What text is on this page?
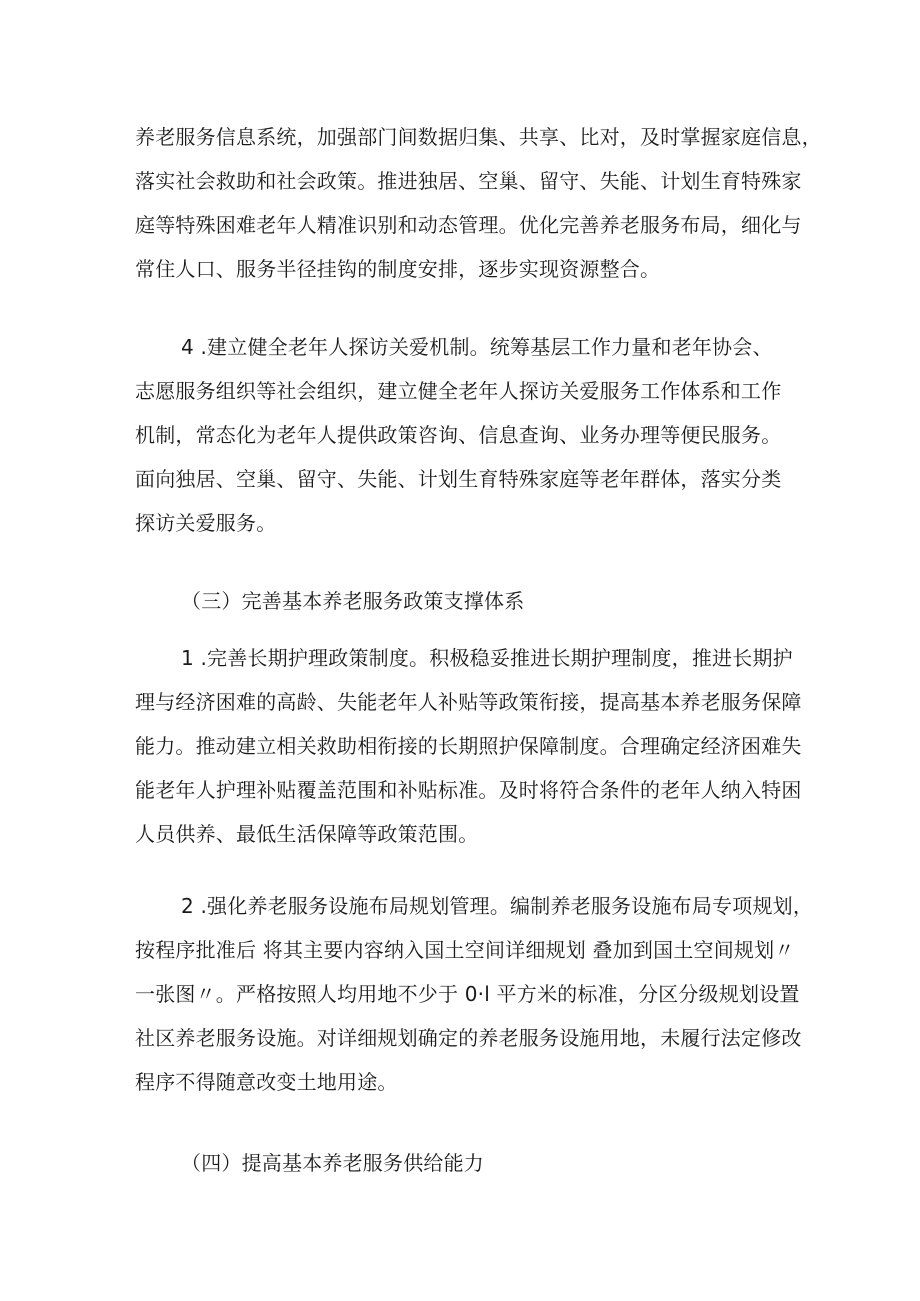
养老服务信息系统，加强部门间数据归集、共享、比对，及时掌握家庭信息，
落实社会救助和社会政策。推进独居、空巢、留守、失能、计划生育特殊家
庭等特殊困难老年人精准识别和动态管理。优化完善养老服务布局，细化与
常住人口、服务半径挂钩的制度安排，逐步实现资源整合。
4 .建立健全老年人探访关爱机制。统筹基层工作力量和老年协会、
志愿服务组织等社会组织，建立健全老年人探访关爱服务工作体系和工作
机制，常态化为老年人提供政策咨询、信息查询、业务办理等便民服务。
面向独居、空巢、留守、失能、计划生育特殊家庭等老年群体，落实分类
探访关爱服务。
（三）完善基本养老服务政策支撑体系
1 .完善长期护理政策制度。积极稳妥推进长期护理制度，推进长期护
理与经济困难的高龄、失能老年人补贴等政策衔接，提高基本养老服务保障
能力。推动建立相关救助相衔接的长期照护保障制度。合理确定经济困难失
能老年人护理补贴覆盖范围和补贴标准。及时将符合条件的老年人纳入特困
人员供养、最低生活保障等政策范围。
2 .强化养老服务设施布局规划管理。编制养老服务设施布局专项规划，
按程序批准后 将其主要内容纳入国土空间详细规划 叠加到国土空间规划〃
一张图〃。严格按照人均用地不少于 0·l 平方米的标准，分区分级规划设置
社区养老服务设施。对详细规划确定的养老服务设施用地，未履行法定修改
程序不得随意改变土地用途。
（四）提高基本养老服务供给能力
